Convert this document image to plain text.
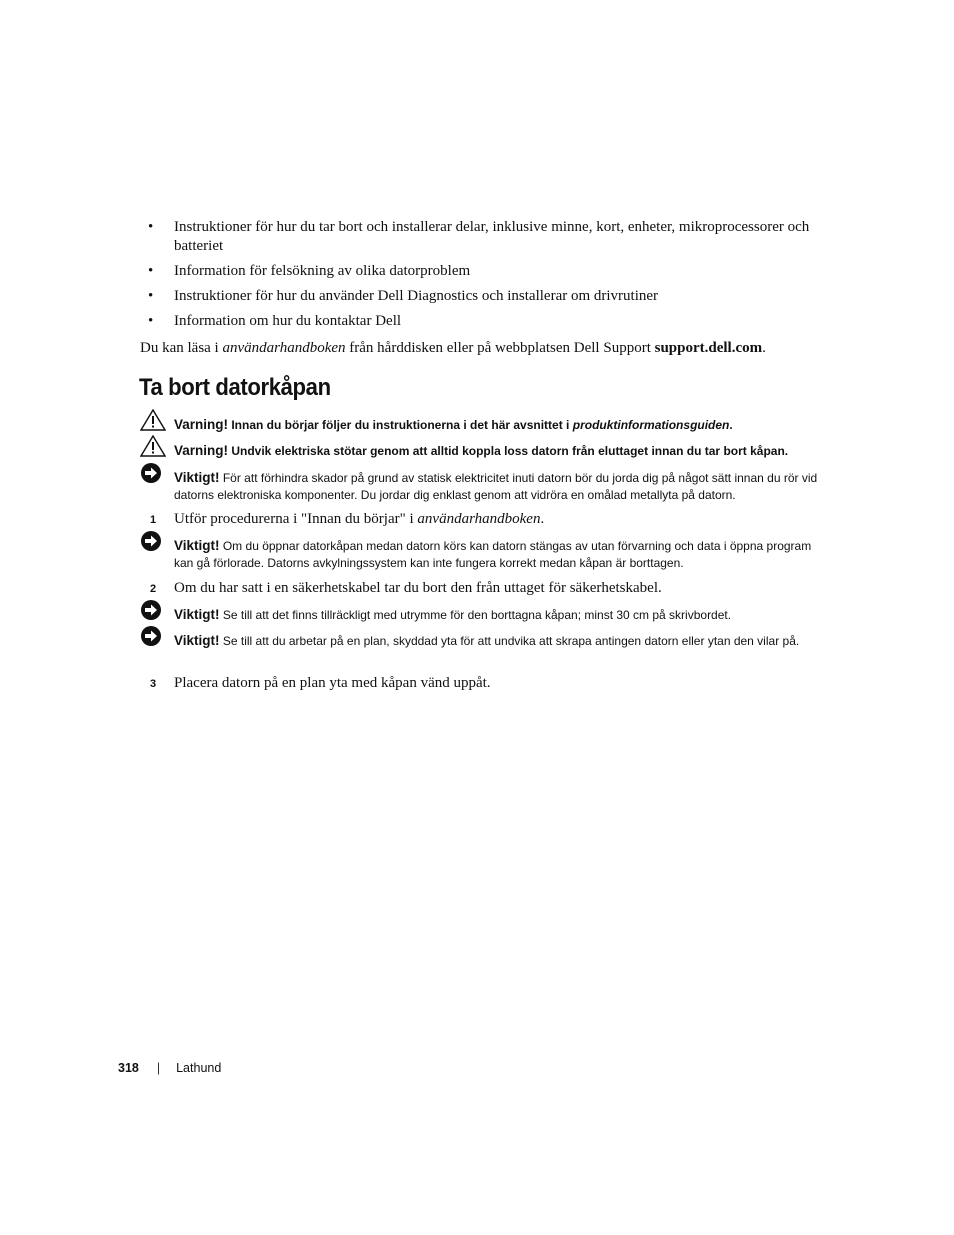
• Instruktioner för hur du tar bort och installerar delar, inklusive minne, kort, enheter, mikroprocessorer och batteriet
• Information för felsökning av olika datorproblem
• Instruktioner för hur du använder Dell Diagnostics och installerar om drivrutiner
• Information om hur du kontaktar Dell
Du kan läsa i användarhandboken från hårddisken eller på webbplatsen Dell Support support.dell.com.
Ta bort datorkåpan
Varning! Innan du börjar följer du instruktionerna i det här avsnittet i produktinformationsguiden.
Varning! Undvik elektriska stötar genom att alltid koppla loss datorn från eluttaget innan du tar bort kåpan.
Viktigt! För att förhindra skador på grund av statisk elektricitet inuti datorn bör du jorda dig på något sätt innan du rör vid datorns elektroniska komponenter. Du jordar dig enklast genom att vidröra en omålad metallyta på datorn.
1 Utför procedurerna i "Innan du börjar" i användarhandboken.
Viktigt! Om du öppnar datorkåpan medan datorn körs kan datorn stängas av utan förvarning och data i öppna program kan gå förlorade. Datorns avkylningssystem kan inte fungera korrekt medan kåpan är borttagen.
2 Om du har satt i en säkerhetskabel tar du bort den från uttaget för säkerhetskabel.
Viktigt! Se till att det finns tillräckligt med utrymme för den borttagna kåpan; minst 30 cm på skrivbordet.
Viktigt! Se till att du arbetar på en plan, skyddad yta för att undvika att skrapa antingen datorn eller ytan den vilar på.
3 Placera datorn på en plan yta med kåpan vänd uppåt.
318 | Lathund
